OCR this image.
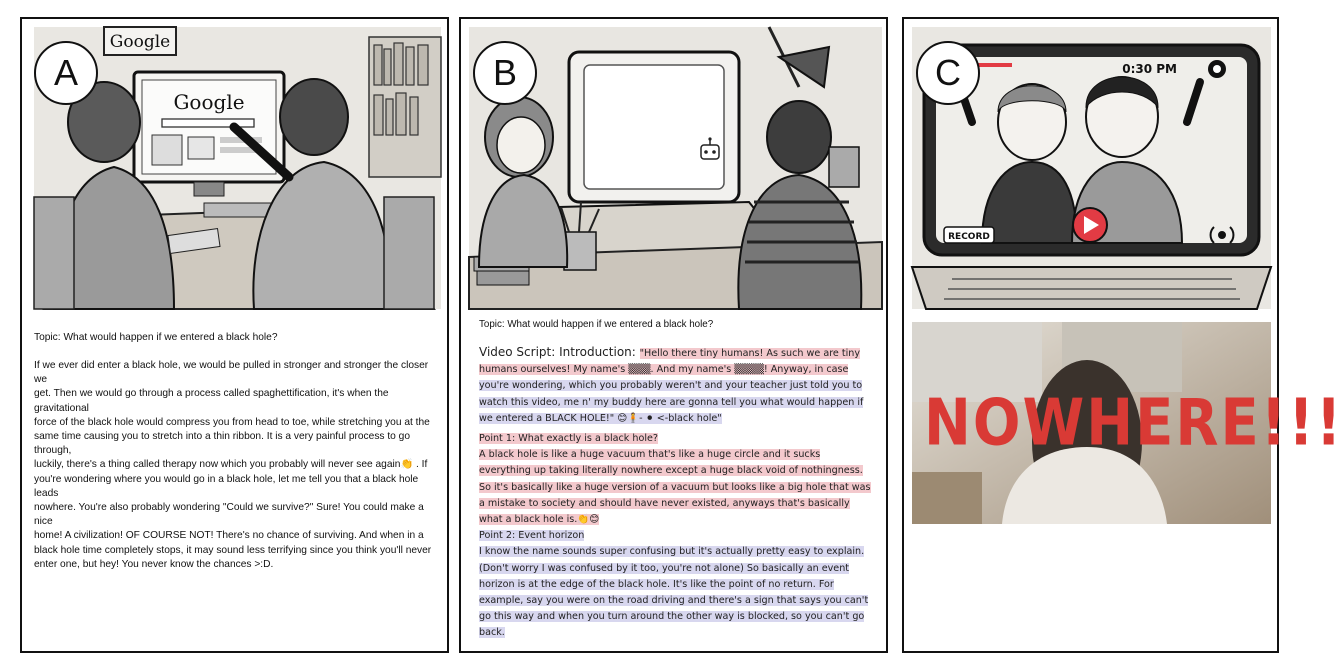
Google
Google
A
Topic: What would happen if we entered a black hole?
If we ever did enter a black hole, we would be pulled in stronger and stronger the closer we
get. Then we would go through a process called spaghettification, it's when the gravitational
force of the black hole would compress you from head to toe, while stretching you at the
same time causing you to stretch into a thin ribbon. It is a very painful process to go through,
luckily, there's a thing called therapy now which you probably will never see again👏 . If
you're wondering where you would go in a black hole, let me tell you that a black hole leads
nowhere. You're also probably wondering "Could we survive?" Sure! You could make a nice
home! A civilization! OF COURSE NOT! There's no chance of surviving. And when in a
black hole time completely stops, it may sound less terrifying since you think you'll never
enter one, but hey! You never know the chances >:D.
B
Topic: What would happen if we entered a black hole?
Video Script: Introduction: "Hello there tiny humans! As such we are tiny
humans ourselves! My name's ▒▒▒. And my name's ▒▒▒▒! Anyway, in case
you're wondering, which you probably weren't and your teacher just told you to
watch this video, me n' my buddy here are gonna tell you what would happen if
we entered a BLACK HOLE!" 😊🧍- ⚫ <-black hole"
Point 1: What exactly is a black hole?
A black hole is like a huge vacuum that's like a huge circle and it sucks
everything up taking literally nowhere except a huge black void of nothingness.
So it's basically like a huge version of a vacuum but looks like a big hole that was
a mistake to society and should have never existed, anyways that's basically
what a black hole is.👏😊
Point 2: Event horizon
I know the name sounds super confusing but it's actually pretty easy to explain.
(Don't worry I was confused by it too, you're not alone) So basically an event
horizon is at the edge of the black hole. It's like the point of no return. For
example, say you were on the road driving and there's a sign that says you can't
go this way and when you turn around the other way is blocked, so you can't go
back.
0:30 PM
RECORD
C
NOWHERE!!!
